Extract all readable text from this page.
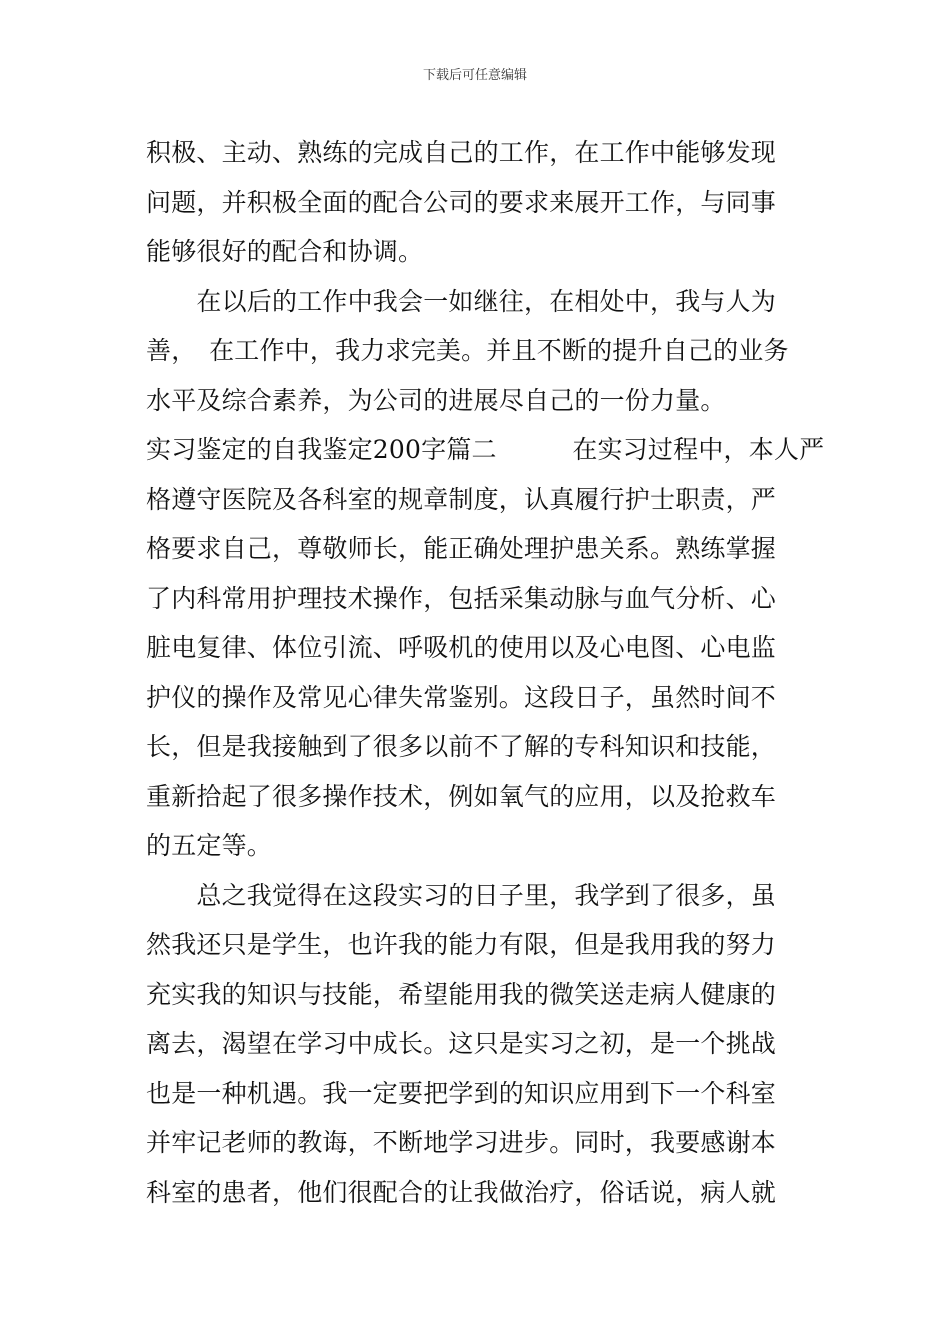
下载后可任意编辑
积极、主动、熟练的完成自己的工作，在工作中能够发现
问题，并积极全面的配合公司的要求来展开工作，与同事
能够很好的配合和协调。
　　在以后的工作中我会一如继往，在相处中，我与人为
善，　在工作中，我力求完美。并且不断的提升自己的业务
水平及综合素养，为公司的进展尽自己的一份力量。
实习鉴定的自我鉴定200字篇二　　　在实习过程中，本人严
格遵守医院及各科室的规章制度，认真履行护士职责，严
格要求自己，尊敬师长，能正确处理护患关系。熟练掌握
了内科常用护理技术操作，包括采集动脉与血气分析、心
脏电复律、体位引流、呼吸机的使用以及心电图、心电监
护仪的操作及常见心律失常鉴别。这段日子，虽然时间不
长，但是我接触到了很多以前不了解的专科知识和技能，
重新拾起了很多操作技术，例如氧气的应用，以及抢救车
的五定等。
　　总之我觉得在这段实习的日子里，我学到了很多，虽
然我还只是学生，也许我的能力有限，但是我用我的努力
充实我的知识与技能，希望能用我的微笑送走病人健康的
离去，渴望在学习中成长。这只是实习之初，是一个挑战
也是一种机遇。我一定要把学到的知识应用到下一个科室
并牢记老师的教诲，不断地学习进步。同时，我要感谢本
科室的患者，他们很配合的让我做治疗，俗话说，病人就
